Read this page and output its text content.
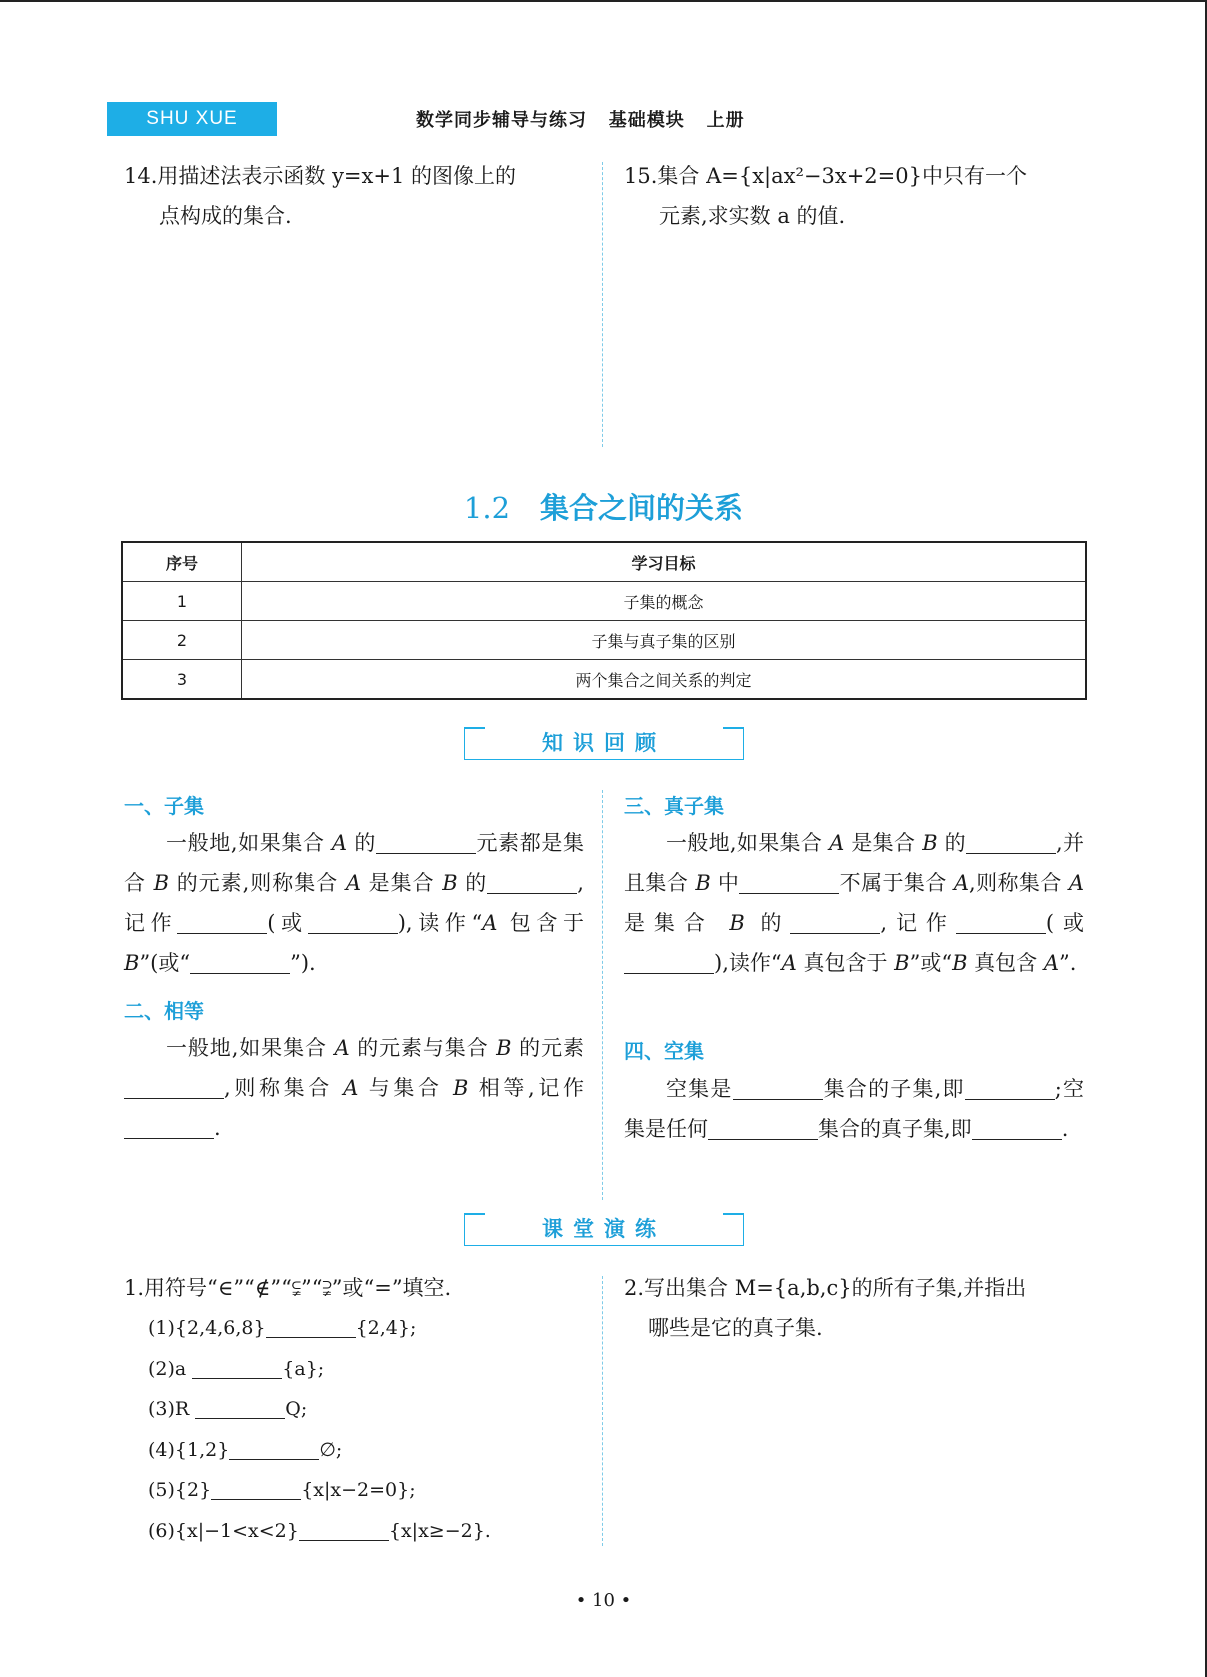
SHU XUE	数学同步辅导与练习   基础模块   上册
14.用描述法表示函数 y=x+1 的图像上的
点构成的集合.
15.集合 A={x|ax²−3x+2=0}中只有一个
元素,求实数 a 的值.
1.2 集合之间的关系
序号	学习目标
1	子集的概念
2	子集与真子集的区别
3	两个集合之间关系的判定
知识回顾
一、子集
一般地,如果集合 A 的	元素都是集合 B 的元素,则称集合 A 是集合 B 的	,记作	(或	),读作“A 包含于 B”(或“	”).
二、相等
一般地,如果集合 A 的元素与集合 B 的元素,则称集合 A 与集合 B 相等,记作.
三、真子集
一般地,如果集合 A 是集合 B 的	,并且集合 B 中	不属于集合 A,则称集合 A 是集合 B 的	,记作	(或),读作“A 真包含于 B”或“B 真包含 A”.
四、空集
空集是	集合的子集,即	;空集是任何	集合的真子集,即	.
课堂演练
1.用符号“∈”“∉”“⫋”“⫌”或“=”填空.
(1){2,4,6,8}	{2,4};
(2)a	{a};
(3)R	Q;
(4){1,2}	∅;
(5){2}	{x|x−2=0};
(6){x|−1<x<2}	{x|x≥−2}.
2.写出集合 M={a,b,c}的所有子集,并指出
哪些是它的真子集.
• 10 •
